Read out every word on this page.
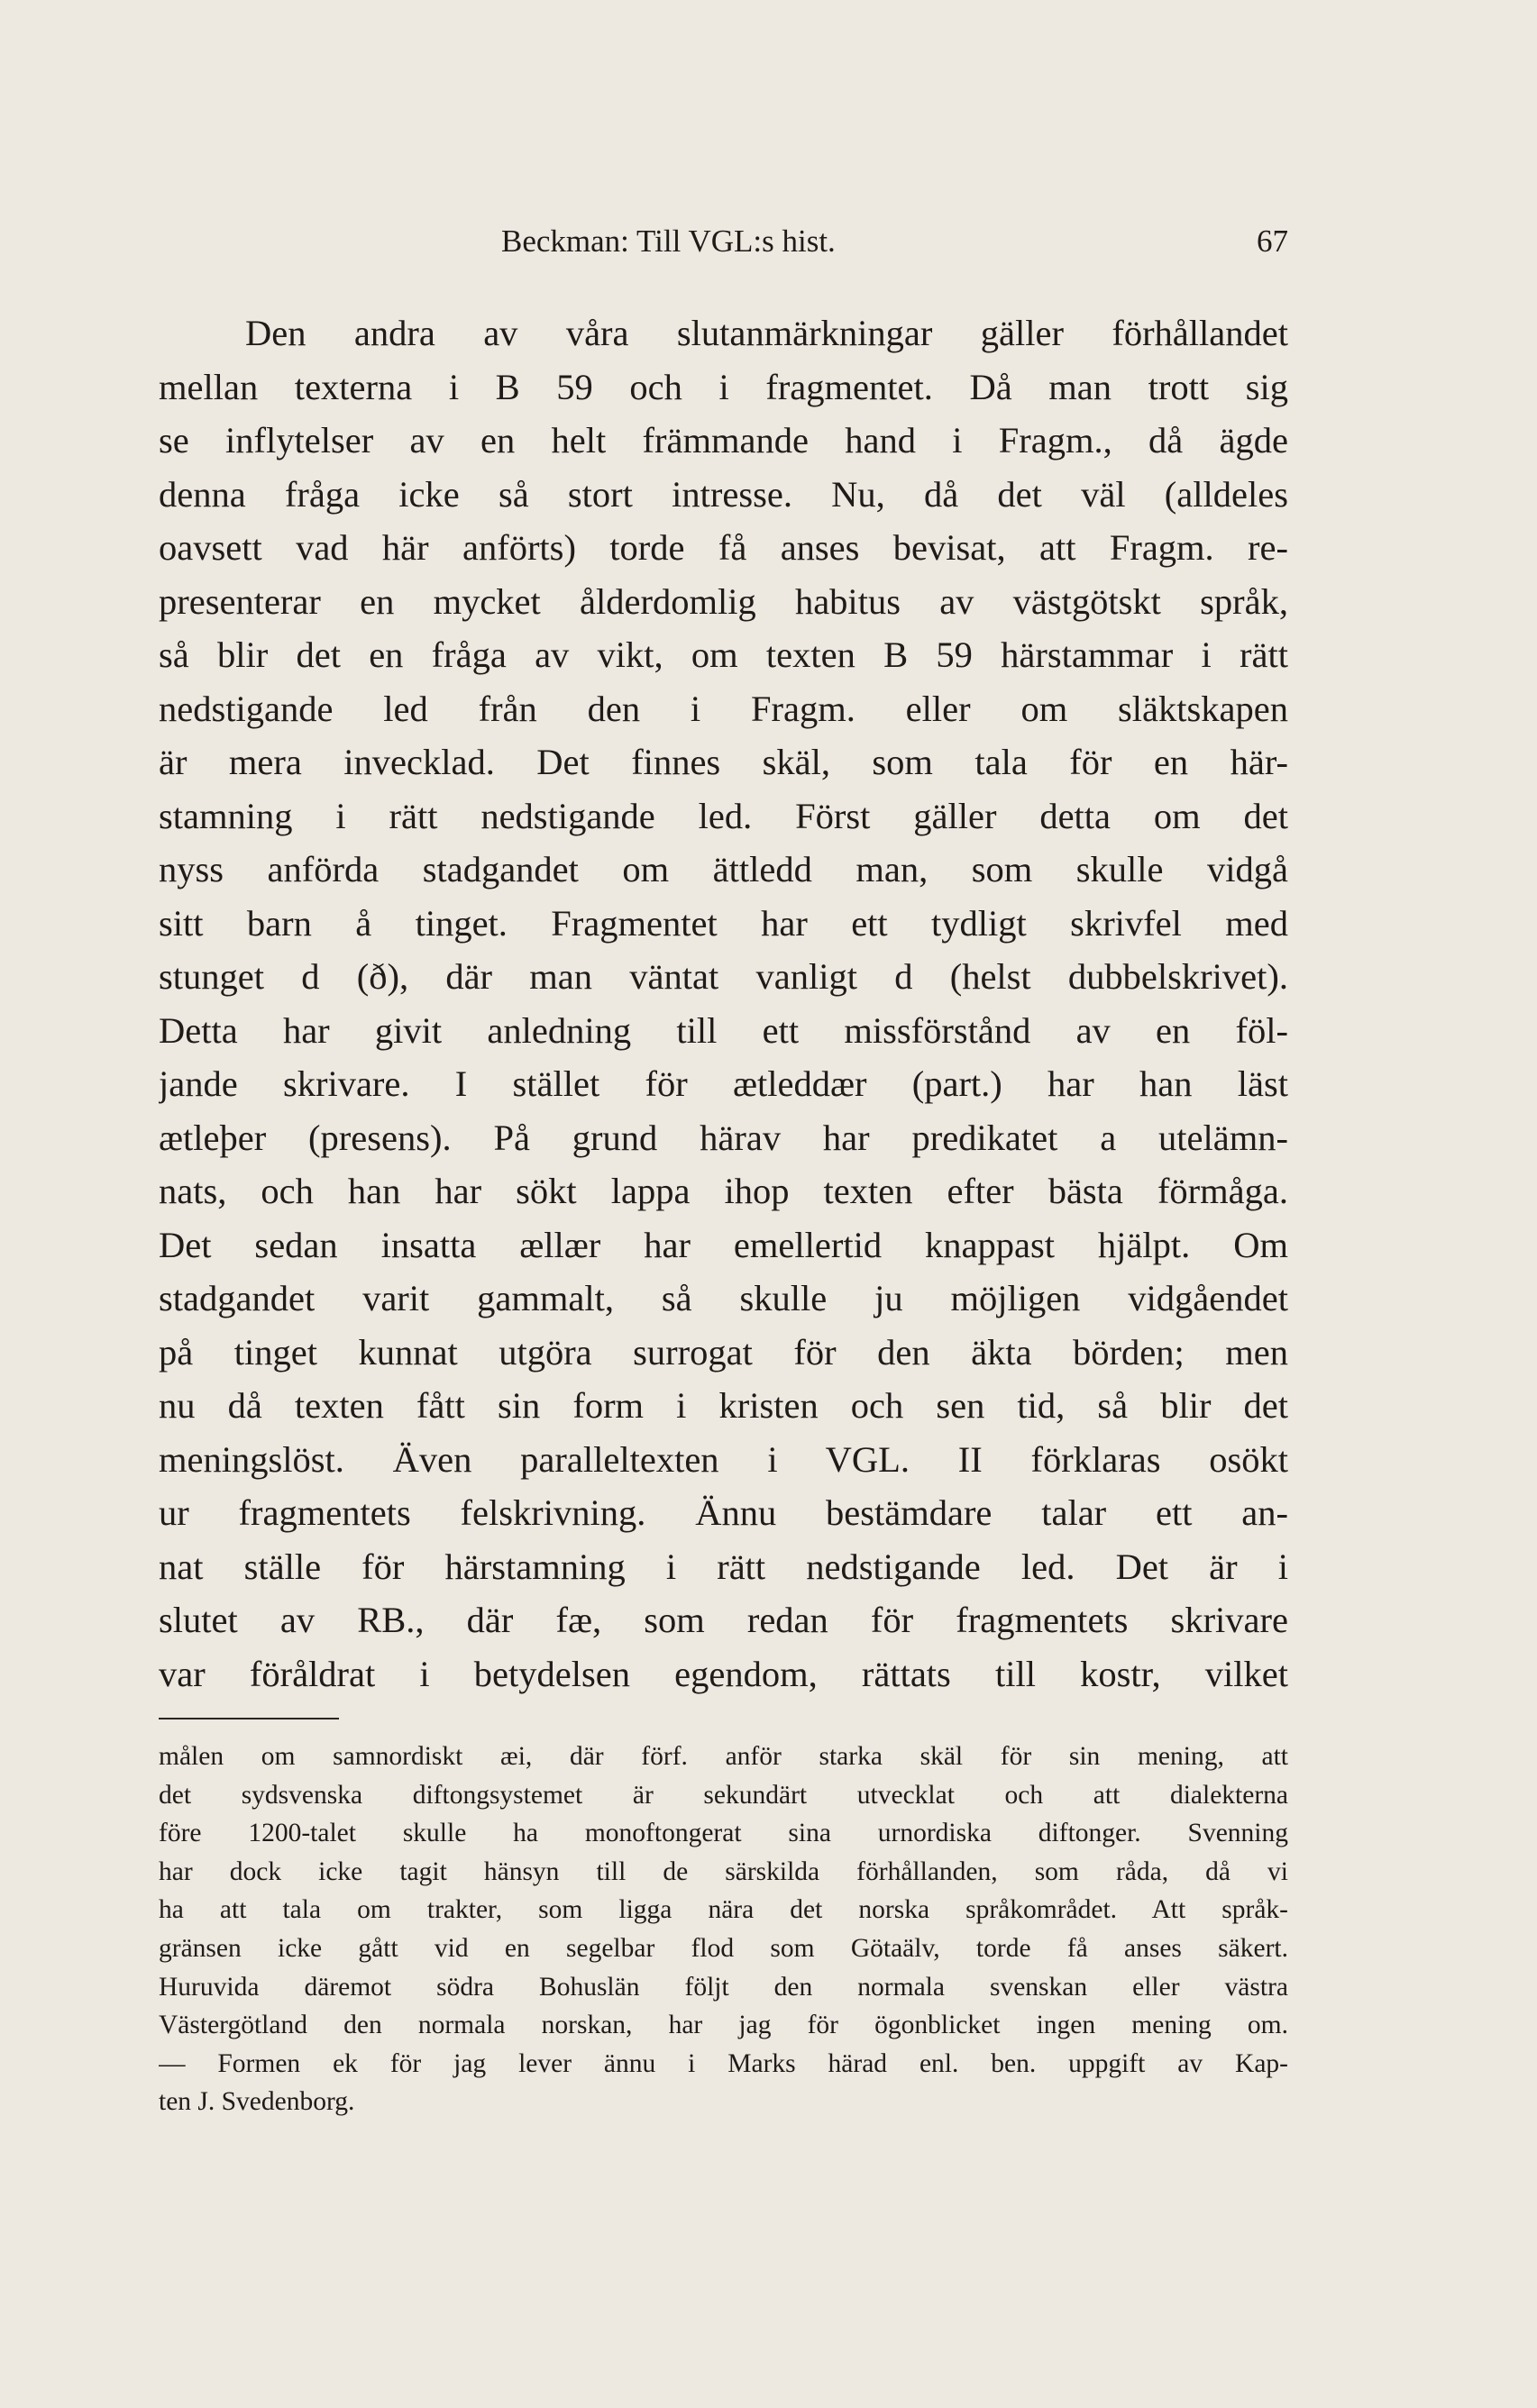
Beckman: Till VGL:s hist.	67
Den andra av våra slutanmärkningar gäller förhållandet
mellan texterna i B 59 och i fragmentet. Då man trott sig
se inflytelser av en helt främmande hand i Fragm., då ägde
denna fråga icke så stort intresse. Nu, då det väl (alldeles
oavsett vad här anförts) torde få anses bevisat, att Fragm. re-
presenterar en mycket ålderdomlig habitus av västgötskt språk,
så blir det en fråga av vikt, om texten B 59 härstammar i rätt
nedstigande led från den i Fragm. eller om släktskapen
är mera invecklad. Det finnes skäl, som tala för en här-
stamning i rätt nedstigande led. Först gäller detta om det
nyss anförda stadgandet om ättledd man, som skulle vidgå
sitt barn å tinget. Fragmentet har ett tydligt skrivfel med
stunget d (ð), där man väntat vanligt d (helst dubbelskrivet).
Detta har givit anledning till ett missförstånd av en föl-
jande skrivare. I stället för ætleddær (part.) har han läst
ætleþer (presens). På grund härav har predikatet a utelämn-
nats, och han har sökt lappa ihop texten efter bästa förmåga.
Det sedan insatta ællær har emellertid knappast hjälpt. Om
stadgandet varit gammalt, så skulle ju möjligen vidgåendet
på tinget kunnat utgöra surrogat för den äkta börden; men
nu då texten fått sin form i kristen och sen tid, så blir det
meningslöst. Även paralleltexten i VGL. II förklaras osökt
ur fragmentets felskrivning. Ännu bestämdare talar ett an-
nat ställe för härstamning i rätt nedstigande led. Det är i
slutet av RB., där fæ, som redan för fragmentets skrivare
var föråldrat i betydelsen egendom, rättats till kostr, vilket
målen om samnordiskt æi, där förf. anför starka skäl för sin mening, att
det sydsvenska diftongsystemet är sekundärt utvecklat och att dialekterna
före 1200-talet skulle ha monoftongerat sina urnordiska diftonger. Svenning
har dock icke tagit hänsyn till de särskilda förhållanden, som råda, då vi
ha att tala om trakter, som ligga nära det norska språkområdet. Att språk-
gränsen icke gått vid en segelbar flod som Götaälv, torde få anses säkert.
Huruvida däremot södra Bohuslän följt den normala svenskan eller västra
Västergötland den normala norskan, har jag för ögonblicket ingen mening om.
— Formen ek för jag lever ännu i Marks härad enl. ben. uppgift av Kap-
ten J. Svedenborg.
